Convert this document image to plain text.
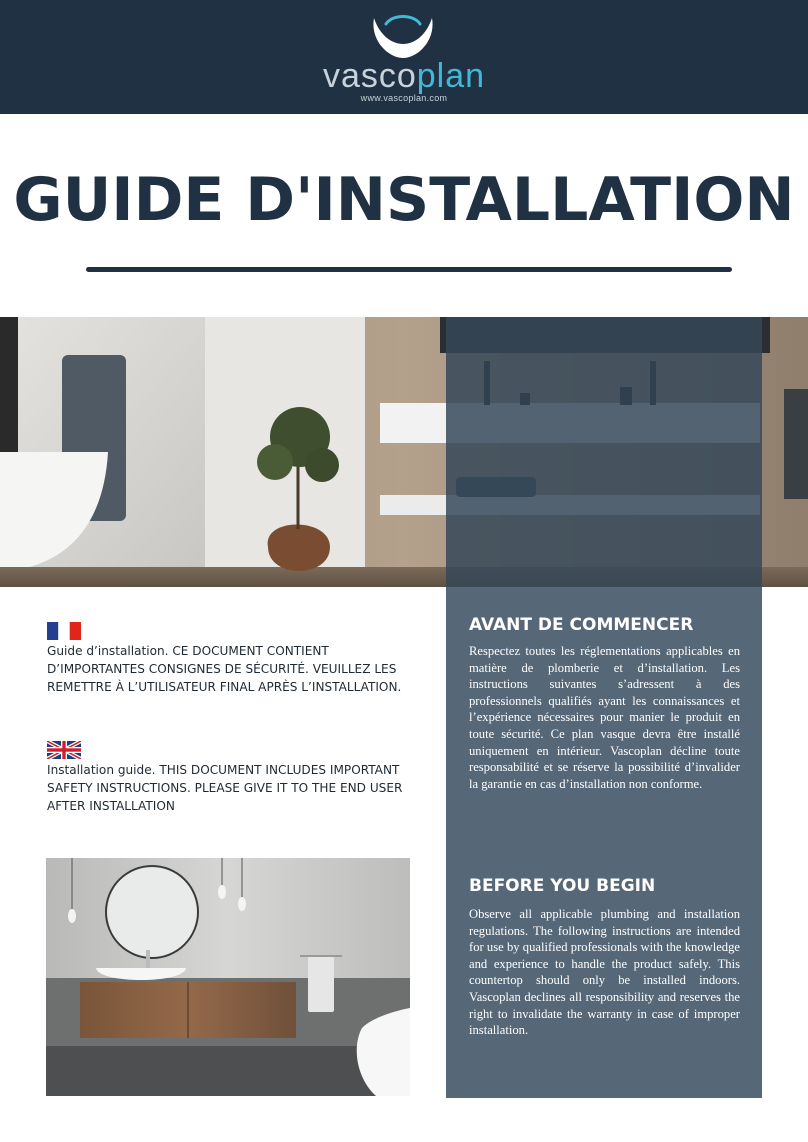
vascoplan
www.vascoplan.com
GUIDE D'INSTALLATION
AVANT DE COMMENCER
Respectez toutes les réglementations applicables en matière de plomberie et d’installation. Les instructions suivantes s’adressent à des professionnels qualifiés ayant les connaissances et l’expérience nécessaires pour manier le produit en toute sécurité. Ce plan vasque devra être installé uniquement en intérieur. Vascoplan décline toute responsabilité et se réserve la possibilité d’invalider la garantie en cas d’installation non conforme.
BEFORE YOU BEGIN
Observe all applicable plumbing and installation regulations. The following instructions are intended for use by qualified professionals with the knowledge and experience to handle the product safely. This countertop should only be installed indoors. Vascoplan declines all responsibility and reserves the right to invalidate the warranty in case of improper installation.
Guide d’installation. CE DOCUMENT CONTIENT D’IMPORTANTES CONSIGNES DE SÉCURITÉ. VEUILLEZ LES REMETTRE À L’UTILISATEUR FINAL APRÈS L’INSTALLATION.
Installation guide. THIS DOCUMENT INCLUDES IMPORTANT SAFETY INSTRUCTIONS. PLEASE GIVE IT TO THE END USER AFTER INSTALLATION
